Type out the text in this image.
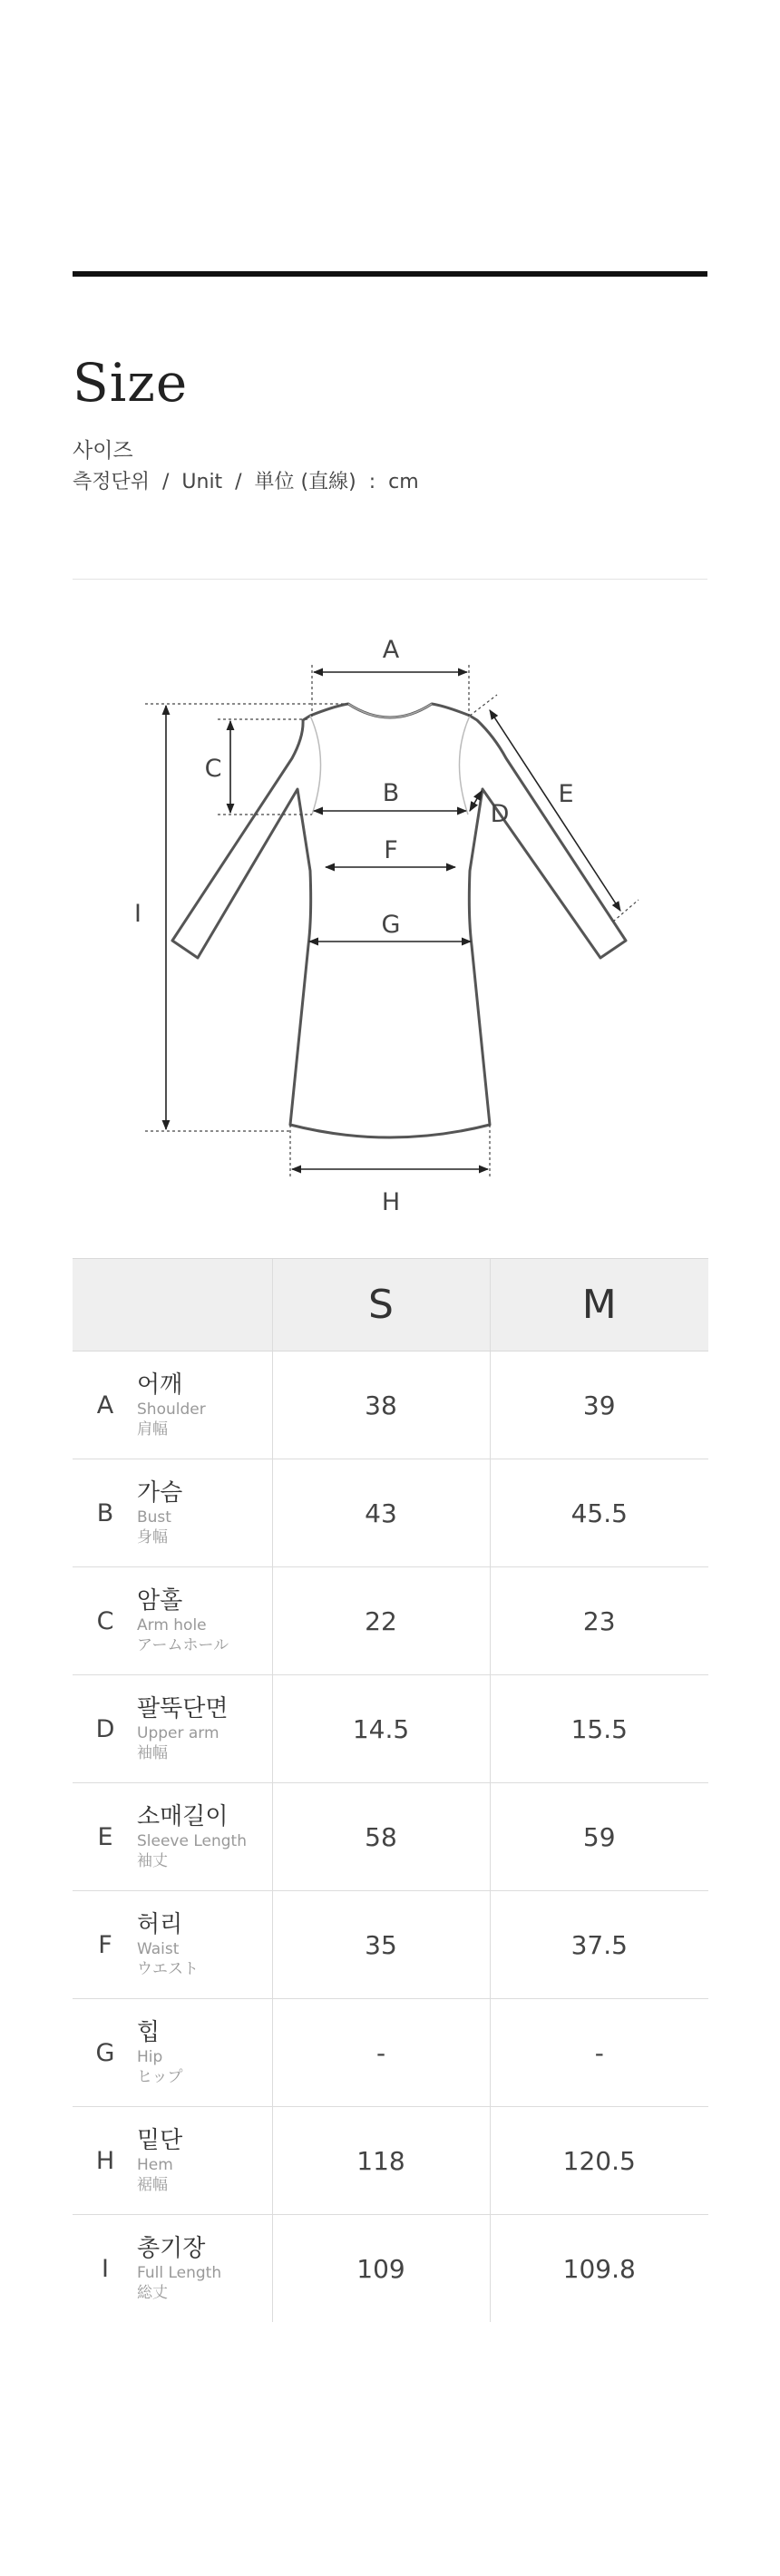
Size
사이즈
측정단위  /  Unit  /  単位 (直線)  :  cm
A
C
B
D
E
F
G
I
H
	S	M

A
어깨
Shoulder
肩幅	38	39

B
가슴
Bust
身幅	43	45.5

C
암홀
Arm hole
アームホール	22	23

D
팔뚝단면
Upper arm
袖幅	14.5	15.5

E
소매길이
Sleeve Length
袖丈	58	59

F
허리
Waist
ウエスト	35	37.5

G
힙
Hip
ヒップ	-	-

H
밑단
Hem
裾幅	118	120.5

I
총기장
Full Length
総丈	109	109.8
